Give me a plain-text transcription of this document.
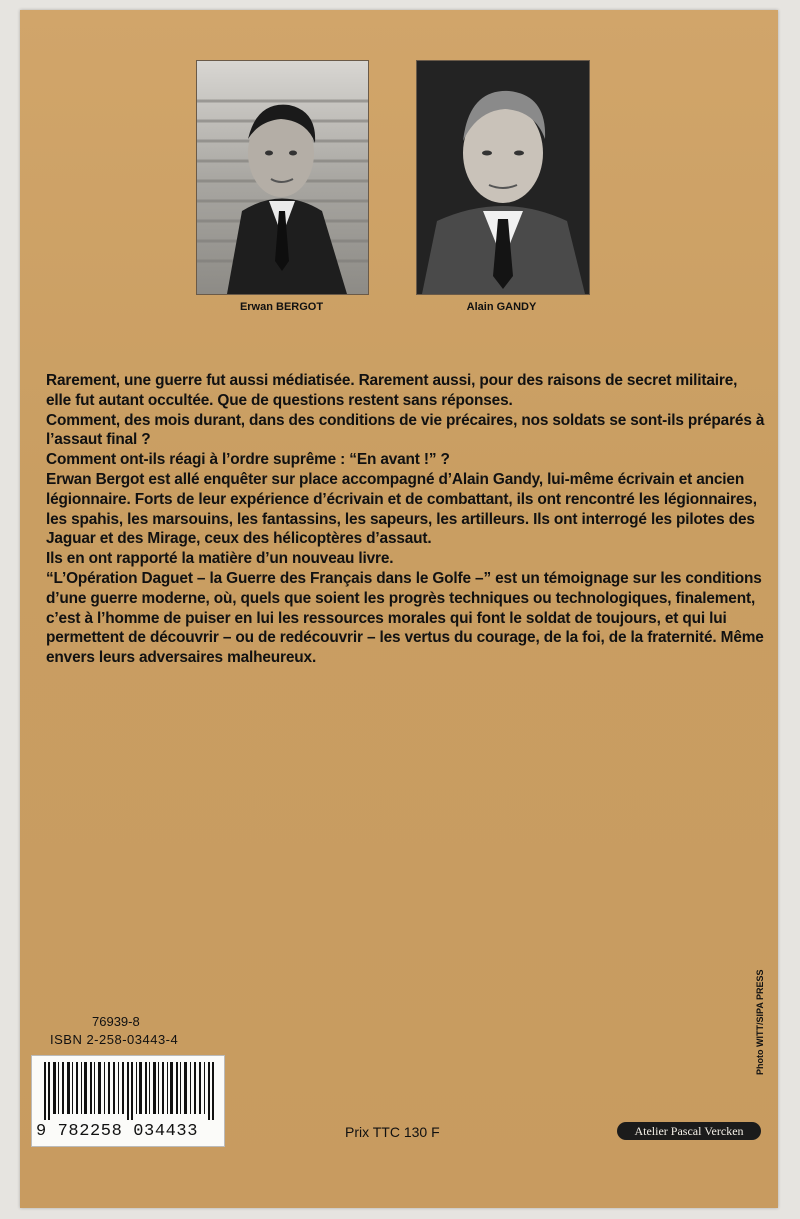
Erwan BERGOT	Alain GANDY

Rarement, une guerre fut aussi médiatisée. Rarement aussi, pour des raisons de secret militaire, elle fut autant occultée. Que de questions restent sans réponses.

Comment, des mois durant, dans des conditions de vie précaires, nos soldats se sont-ils préparés à l’assaut final ?

Comment ont-ils réagi à l’ordre suprême : “En avant !” ?

Erwan Bergot est allé enquêter sur place accompagné d’Alain Gandy, lui-même écrivain et ancien légionnaire. Forts de leur expérience d’écrivain et de combattant, ils ont rencontré les légionnaires, les spahis, les marsouins, les fantassins, les sapeurs, les artilleurs. Ils ont interrogé les pilotes des Jaguar et des Mirage, ceux des hélicoptères d’assaut.

Ils en ont rapporté la matière d’un nouveau livre.

“L’Opération Daguet – la Guerre des Français dans le Golfe –” est un témoignage sur les conditions d’une guerre moderne, où, quels que soient les progrès techniques ou technologiques, finalement, c’est à l’homme de puiser en lui les ressources morales qui font le soldat de toujours, et qui lui permettent de découvrir – ou de redécouvrir – les vertus du courage, de la foi, de la fraternité. Même envers leurs adversaires malheureux.

76939-8
ISBN 2-258-03443-4
9 782258 034433	Prix TTC 130 F	Atelier Pascal Vercken
Photo WITT/SIPA PRESS
